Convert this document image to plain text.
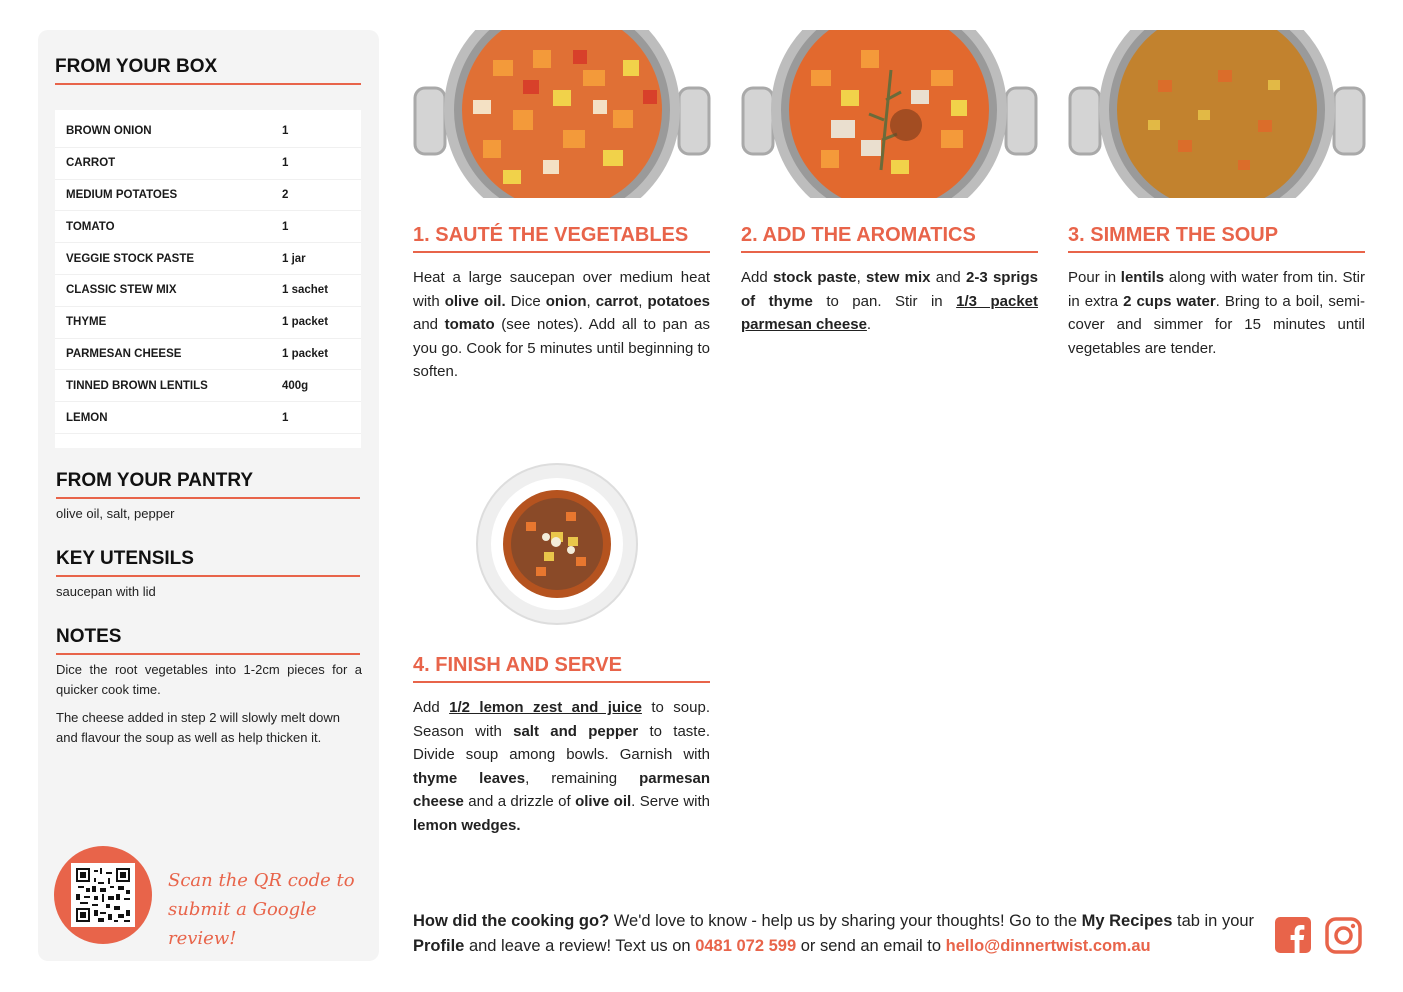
FROM YOUR BOX
BROWN ONION	1
CARROT	1
MEDIUM POTATOES	2
TOMATO	1
VEGGIE STOCK PASTE	1 jar
CLASSIC STEW MIX	1 sachet
THYME	1 packet
PARMESAN CHEESE	1 packet
TINNED BROWN LENTILS	400g
LEMON	1
FROM YOUR PANTRY
olive oil, salt, pepper
KEY UTENSILS
saucepan with lid
NOTES
Dice the root vegetables into 1-2cm pieces for a quicker cook time.
The cheese added in step 2 will slowly melt down and flavour the soup as well as help thicken it.
Scan the QR code to
submit a Google review!
1. SAUTÉ THE VEGETABLES
Heat a large saucepan over medium heat with olive oil. Dice onion, carrot, potatoes and tomato (see notes). Add all to pan as you go. Cook for 5 minutes until beginning to soften.
2. ADD THE AROMATICS
Add stock paste, stew mix and 2-3 sprigs of thyme to pan. Stir in 1/3 packet parmesan cheese.
3. SIMMER THE SOUP
Pour in lentils along with water from tin. Stir in extra 2 cups water. Bring to a boil, semi-cover and simmer for 15 minutes until vegetables are tender.
4. FINISH AND SERVE
Add 1/2 lemon zest and juice to soup. Season with salt and pepper to taste. Divide soup among bowls. Garnish with thyme leaves, remaining parmesan cheese and a drizzle of olive oil. Serve with lemon wedges.
How did the cooking go? We'd love to know - help us by sharing your thoughts! Go to the My Recipes tab in your Profile and leave a review! Text us on 0481 072 599 or send an email to hello@dinnertwist.com.au
